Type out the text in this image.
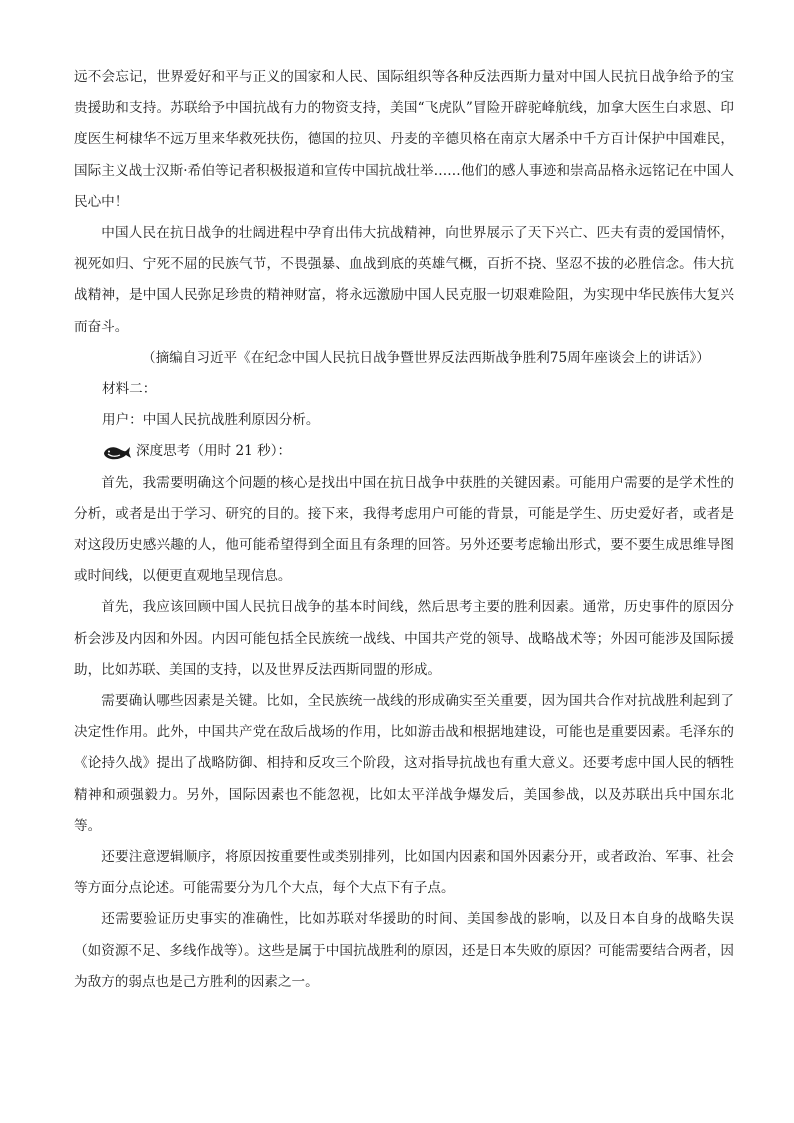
远不会忘记，世界爱好和平与正义的国家和人民、国际组织等各种反法西斯力量对中国人民抗日战争给予的宝贵援助和支持。苏联给予中国抗战有力的物资支持，美国“飞虎队”冒险开辟驼峰航线，加拿大医生白求恩、印度医生柯棣华不远万里来华救死扶伤，德国的拉贝、丹麦的辛德贝格在南京大屠杀中千方百计保护中国难民，国际主义战士汉斯·希伯等记者积极报道和宣传中国抗战壮举……他们的感人事迹和崇高品格永远铭记在中国人民心中！

中国人民在抗日战争的壮阔进程中孕育出伟大抗战精神，向世界展示了天下兴亡、匹夫有责的爱国情怀，视死如归、宁死不屈的民族气节，不畏强暴、血战到底的英雄气概，百折不挠、坚忍不拔的必胜信念。伟大抗战精神，是中国人民弥足珍贵的精神财富，将永远激励中国人民克服一切艰难险阻，为实现中华民族伟大复兴而奋斗。

（摘编自习近平《在纪念中国人民抗日战争暨世界反法西斯战争胜利75周年座谈会上的讲话》）

材料二：

用户：中国人民抗战胜利原因分析。

深度思考（用时 21 秒）：

首先，我需要明确这个问题的核心是找出中国在抗日战争中获胜的关键因素。可能用户需要的是学术性的分析，或者是出于学习、研究的目的。接下来，我得考虑用户可能的背景，可能是学生、历史爱好者，或者是对这段历史感兴趣的人，他可能希望得到全面且有条理的回答。另外还要考虑输出形式，要不要生成思维导图或时间线，以便更直观地呈现信息。

首先，我应该回顾中国人民抗日战争的基本时间线，然后思考主要的胜利因素。通常，历史事件的原因分析会涉及内因和外因。内因可能包括全民族统一战线、中国共产党的领导、战略战术等；外因可能涉及国际援助，比如苏联、美国的支持，以及世界反法西斯同盟的形成。

需要确认哪些因素是关键。比如，全民族统一战线的形成确实至关重要，因为国共合作对抗战胜利起到了决定性作用。此外，中国共产党在敌后战场的作用，比如游击战和根据地建设，可能也是重要因素。毛泽东的《论持久战》提出了战略防御、相持和反攻三个阶段，这对指导抗战也有重大意义。还要考虑中国人民的牺牲精神和顽强毅力。另外，国际因素也不能忽视，比如太平洋战争爆发后，美国参战，以及苏联出兵中国东北等。

还要注意逻辑顺序，将原因按重要性或类别排列，比如国内因素和国外因素分开，或者政治、军事、社会等方面分点论述。可能需要分为几个大点，每个大点下有子点。

还需要验证历史事实的准确性，比如苏联对华援助的时间、美国参战的影响，以及日本自身的战略失误（如资源不足、多线作战等）。这些是属于中国抗战胜利的原因，还是日本失败的原因？可能需要结合两者，因为敌方的弱点也是己方胜利的因素之一。
